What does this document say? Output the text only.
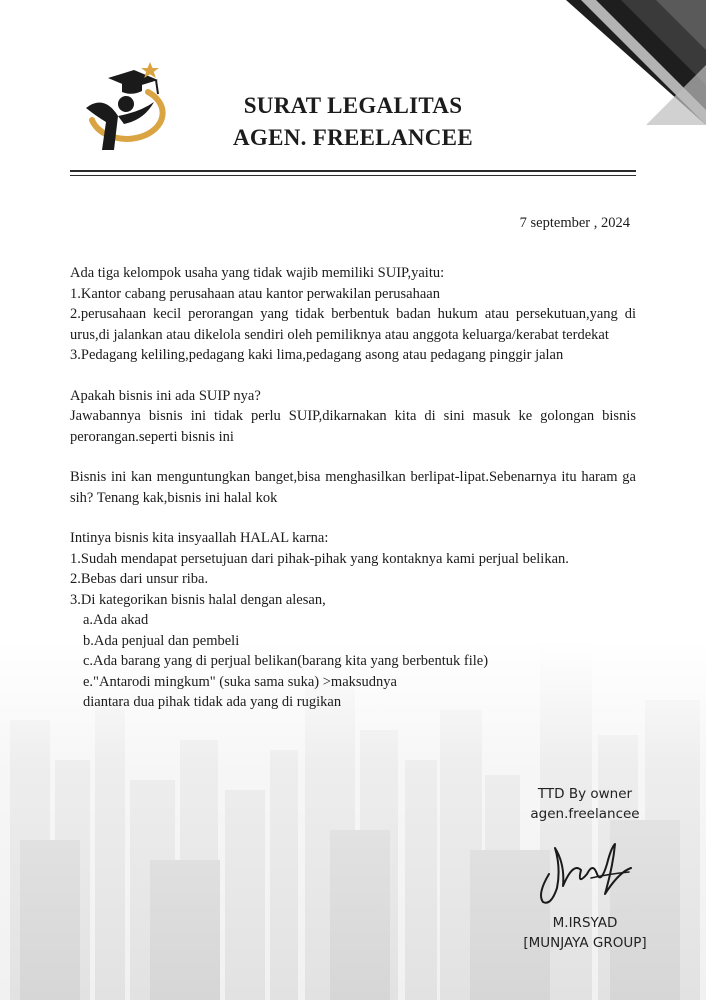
SURAT LEGALITAS
AGEN. FREELANCEE
7 september , 2024

Ada tiga kelompok usaha yang tidak wajib memiliki SUIP,yaitu:

1.Kantor cabang perusahaan atau kantor perwakilan perusahaan

2.perusahaan kecil perorangan yang tidak berbentuk badan hukum atau persekutuan,yang di urus,di jalankan atau dikelola sendiri oleh pemiliknya atau anggota keluarga/kerabat terdekat

3.Pedagang keliling,pedagang kaki lima,pedagang asong atau pedagang pinggir jalan

Apakah bisnis ini ada SUIP nya?

Jawabannya bisnis ini tidak perlu SUIP,dikarnakan kita di sini masuk ke golongan bisnis perorangan.seperti bisnis ini

Bisnis ini kan menguntungkan banget,bisa menghasilkan berlipat-lipat.Sebenarnya itu haram ga sih? Tenang kak,bisnis ini halal kok

Intinya bisnis kita insyaallah HALAL karna:

1.Sudah mendapat persetujuan dari pihak-pihak yang kontaknya kami perjual belikan.

2.Bebas dari unsur riba.

3.Di kategorikan bisnis halal dengan alesan,

a.Ada akad

b.Ada penjual dan pembeli

c.Ada barang yang di perjual belikan(barang kita yang berbentuk file)

e."Antarodi mingkum" (suka sama suka) >maksudnya

diantara dua pihak tidak ada yang di rugikan

TTD By owner
agen.freelancee
M.IRSYAD
[MUNJAYA GROUP]
